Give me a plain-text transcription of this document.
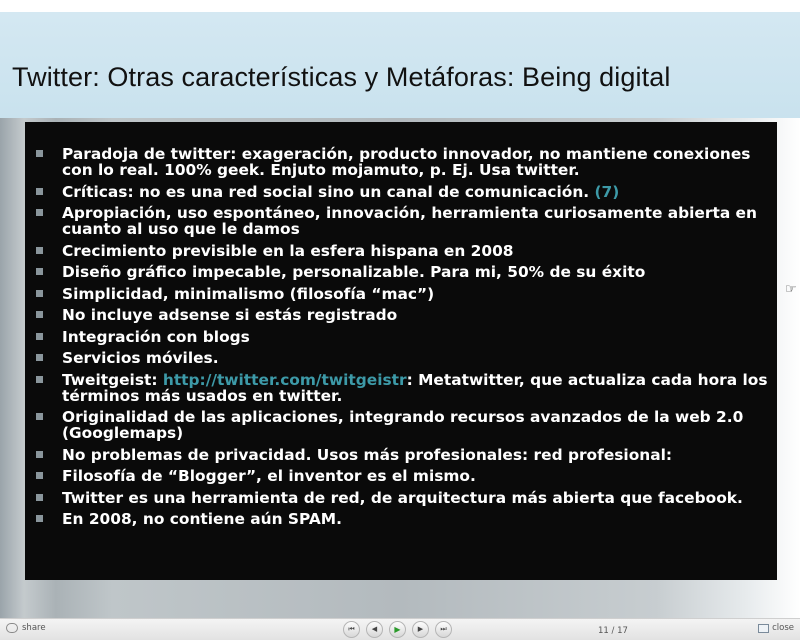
Twitter: Otras características y Metáforas: Being digital
Paradoja de twitter: exageración, producto innovador, no mantiene conexiones con lo real. 100% geek. Enjuto mojamuto, p. Ej. Usa twitter.
Críticas: no es una red social sino un canal de comunicación. (7)
Apropiación, uso espontáneo, innovación, herramienta curiosamente abierta en cuanto al uso que le damos
Crecimiento previsible en la esfera hispana en 2008
Diseño gráfico impecable, personalizable. Para mi, 50% de su éxito
Simplicidad, minimalismo (filosofía “mac”)
No incluye adsense si estás registrado
Integración con blogs
Servicios móviles.
Tweitgeist: http://twitter.com/twitgeistr: Metatwitter, que actualiza cada hora los términos más usados en twitter.
Originalidad de las aplicaciones, integrando recursos avanzados de la web 2.0 (Googlemaps)
No problemas de privacidad. Usos más profesionales: red profesional:
Filosofía de “Blogger”, el inventor es el mismo.
Twitter es una herramienta de red, de arquitectura más abierta que facebook.
En 2008, no contiene aún SPAM.
☞
share	⏮ ◀ ▶ ▶ ⏭	11 / 17	close
